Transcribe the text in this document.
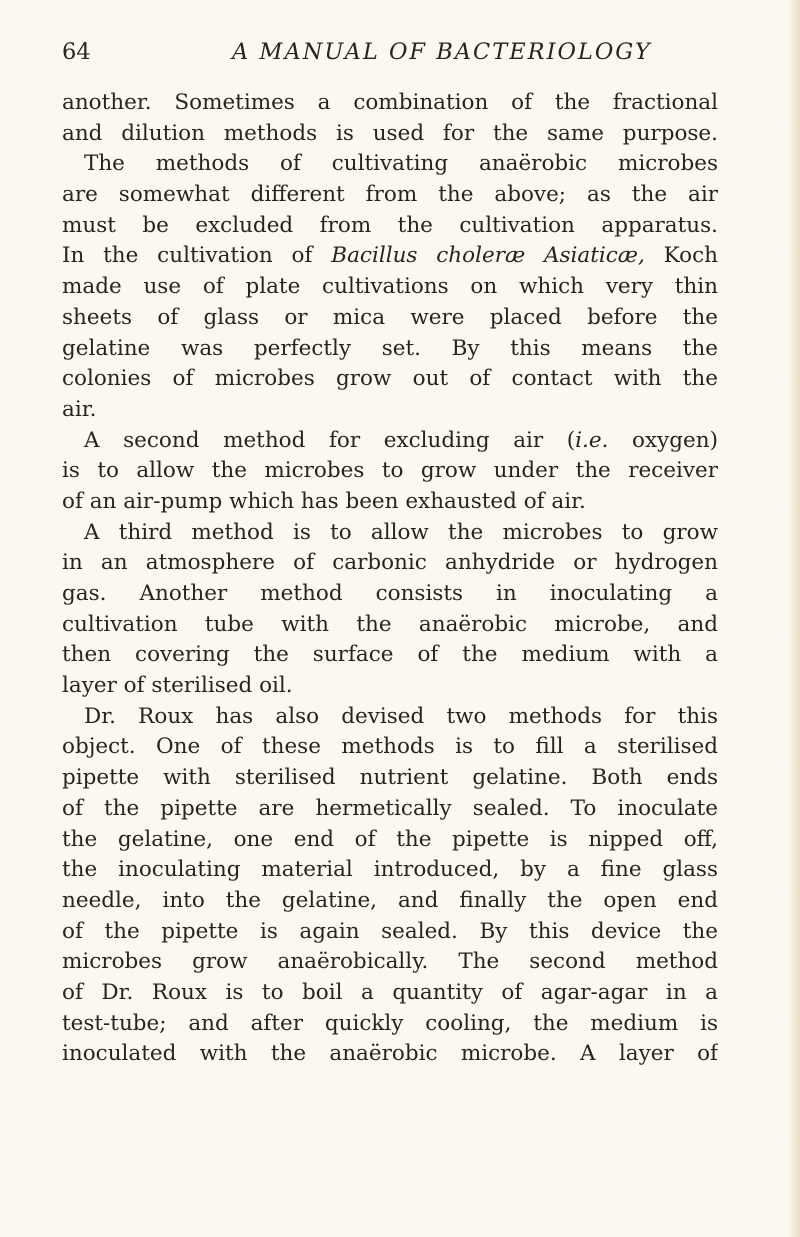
64	A MANUAL OF BACTERIOLOGY
another. Sometimes a combination of the fractional
and dilution methods is used for the same purpose.
The methods of cultivating anaërobic microbes
are somewhat different from the above; as the air
must be excluded from the cultivation apparatus.
In the cultivation of Bacillus choleræ Asiaticæ, Koch
made use of plate cultivations on which very thin
sheets of glass or mica were placed before the
gelatine was perfectly set. By this means the
colonies of microbes grow out of contact with the
air.
A second method for excluding air (i.e. oxygen)
is to allow the microbes to grow under the receiver
of an air-pump which has been exhausted of air.
A third method is to allow the microbes to grow
in an atmosphere of carbonic anhydride or hydrogen
gas. Another method consists in inoculating a
cultivation tube with the anaërobic microbe, and
then covering the surface of the medium with a
layer of sterilised oil.
Dr. Roux has also devised two methods for this
object. One of these methods is to fill a sterilised
pipette with sterilised nutrient gelatine. Both ends
of the pipette are hermetically sealed. To inoculate
the gelatine, one end of the pipette is nipped off,
the inoculating material introduced, by a fine glass
needle, into the gelatine, and finally the open end
of the pipette is again sealed. By this device the
microbes grow anaërobically. The second method
of Dr. Roux is to boil a quantity of agar-agar in a
test-tube; and after quickly cooling, the medium is
inoculated with the anaërobic microbe. A layer of
